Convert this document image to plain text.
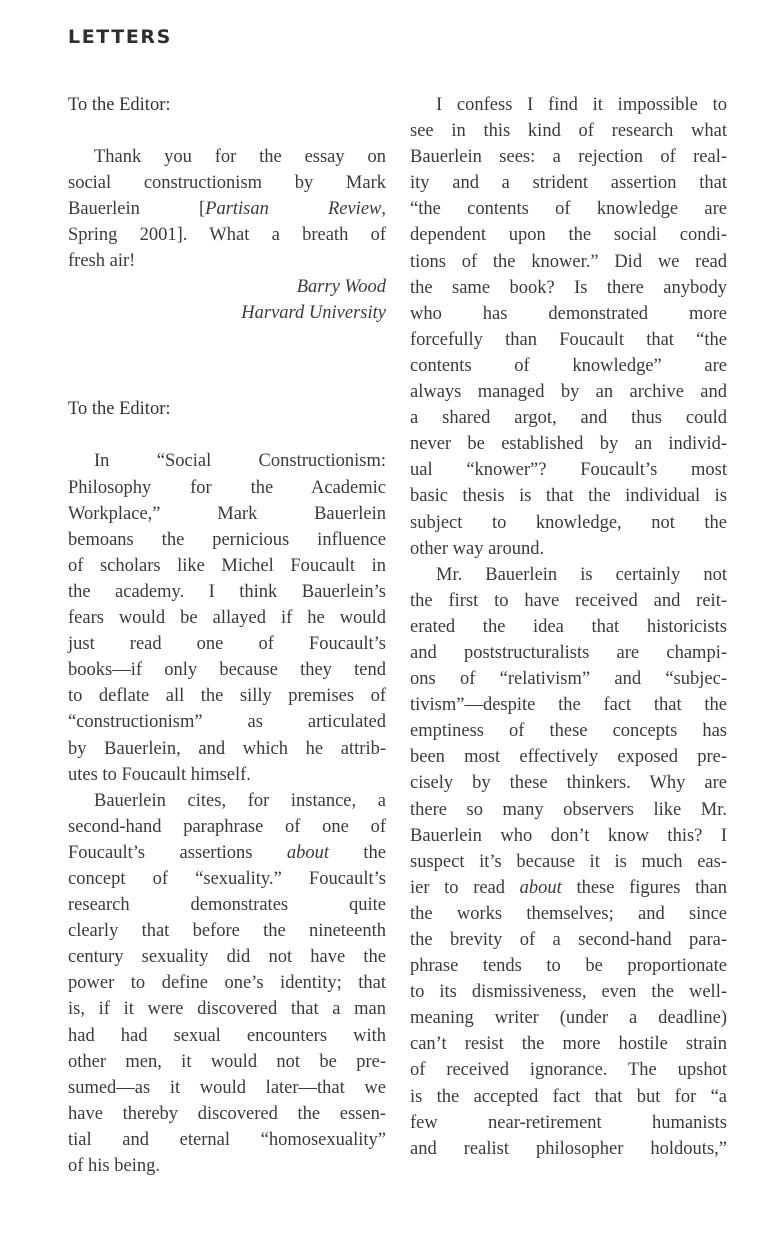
LETTERS
To the Editor:
Thank you for the essay on
social constructionism by Mark
Bauerlein [Partisan Review,
Spring 2001]. What a breath of
fresh air!
Barry Wood
Harvard University
To the Editor:
In “Social Constructionism:
Philosophy for the Academic
Workplace,” Mark Bauerlein
bemoans the pernicious influence
of scholars like Michel Foucault in
the academy. I think Bauerlein’s
fears would be allayed if he would
just read one of Foucault’s
books—if only because they tend
to deflate all the silly premises of
“constructionism” as articulated
by Bauerlein, and which he attrib-
utes to Foucault himself.
Bauerlein cites, for instance, a
second-hand paraphrase of one of
Foucault’s assertions about the
concept of “sexuality.” Foucault’s
research demonstrates quite
clearly that before the nineteenth
century sexuality did not have the
power to define one’s identity; that
is, if it were discovered that a man
had had sexual encounters with
other men, it would not be pre-
sumed—as it would later—that we
have thereby discovered the essen-
tial and eternal “homosexuality”
of his being.
I confess I find it impossible to
see in this kind of research what
Bauerlein sees: a rejection of real-
ity and a strident assertion that
“the contents of knowledge are
dependent upon the social condi-
tions of the knower.” Did we read
the same book? Is there anybody
who has demonstrated more
forcefully than Foucault that “the
contents of knowledge” are
always managed by an archive and
a shared argot, and thus could
never be established by an individ-
ual “knower”? Foucault’s most
basic thesis is that the individual is
subject to knowledge, not the
other way around.
Mr. Bauerlein is certainly not
the first to have received and reit-
erated the idea that historicists
and poststructuralists are champi-
ons of “relativism” and “subjec-
tivism”—despite the fact that the
emptiness of these concepts has
been most effectively exposed pre-
cisely by these thinkers. Why are
there so many observers like Mr.
Bauerlein who don’t know this? I
suspect it’s because it is much eas-
ier to read about these figures than
the works themselves; and since
the brevity of a second-hand para-
phrase tends to be proportionate
to its dismissiveness, even the well-
meaning writer (under a deadline)
can’t resist the more hostile strain
of received ignorance. The upshot
is the accepted fact that but for “a
few near-retirement humanists
and realist philosopher holdouts,”
